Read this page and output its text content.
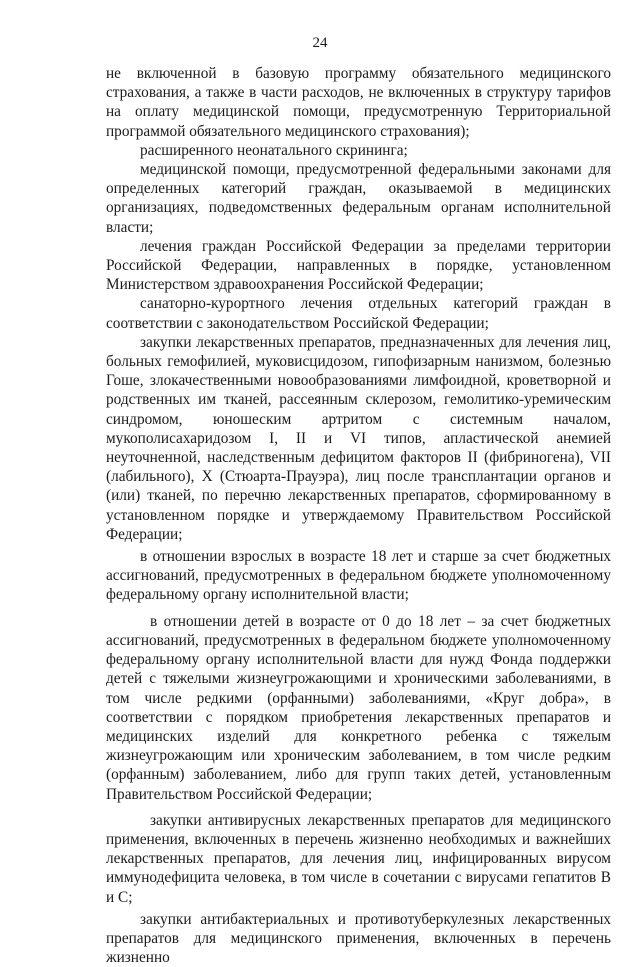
24

не включенной в базовую программу обязательного медицинского страхования, а также в части расходов, не включенных в структуру тарифов на оплату медицинской помощи, предусмотренную Территориальной программой обязательного медицинского страхования);

расширенного неонатального скрининга;

медицинской помощи, предусмотренной федеральными законами для определенных категорий граждан, оказываемой в медицинских организациях, подведомственных федеральным органам исполнительной власти;

лечения граждан Российской Федерации за пределами территории Российской Федерации, направленных в порядке, установленном Министерством здравоохранения Российской Федерации;

санаторно-курортного лечения отдельных категорий граждан в соответствии с законодательством Российской Федерации;

закупки лекарственных препаратов, предназначенных для лечения лиц, больных гемофилией, муковисцидозом, гипофизарным нанизмом, болезнью Гоше, злокачественными новообразованиями лимфоидной, кроветворной и родственных им тканей, рассеянным склерозом, гемолитико-уремическим синдромом, юношеским артритом с системным началом, мукополисахаридозом I, II и VI типов, апластической анемией неуточненной, наследственным дефицитом факторов II (фибриногена), VII (лабильного), X (Стюарта-Прауэра), лиц после трансплантации органов и (или) тканей, по перечню лекарственных препаратов, сформированному в установленном порядке и утверждаемому Правительством Российской Федерации;

в отношении взрослых в возрасте 18 лет и старше за счет бюджетных ассигнований, предусмотренных в федеральном бюджете уполномоченному федеральному органу исполнительной власти;

в отношении детей в возрасте от 0 до 18 лет – за счет бюджетных ассигнований, предусмотренных в федеральном бюджете уполномоченному федеральному органу исполнительной власти для нужд Фонда поддержки детей с тяжелыми жизнеугрожающими и хроническими заболеваниями, в том числе редкими (орфанными) заболеваниями, «Круг добра», в соответствии с порядком приобретения лекарственных препаратов и медицинских изделий для конкретного ребенка с тяжелым жизнеугрожающим или хроническим заболеванием, в том числе редким (орфанным) заболеванием, либо для групп таких детей, установленным Правительством Российской Федерации;

закупки антивирусных лекарственных препаратов для медицинского применения, включенных в перечень жизненно необходимых и важнейших лекарственных препаратов, для лечения лиц, инфицированных вирусом иммунодефицита человека, в том числе в сочетании с вирусами гепатитов B и C;

закупки антибактериальных и противотуберкулезных лекарственных препаратов для медицинского применения, включенных в перечень жизненно
